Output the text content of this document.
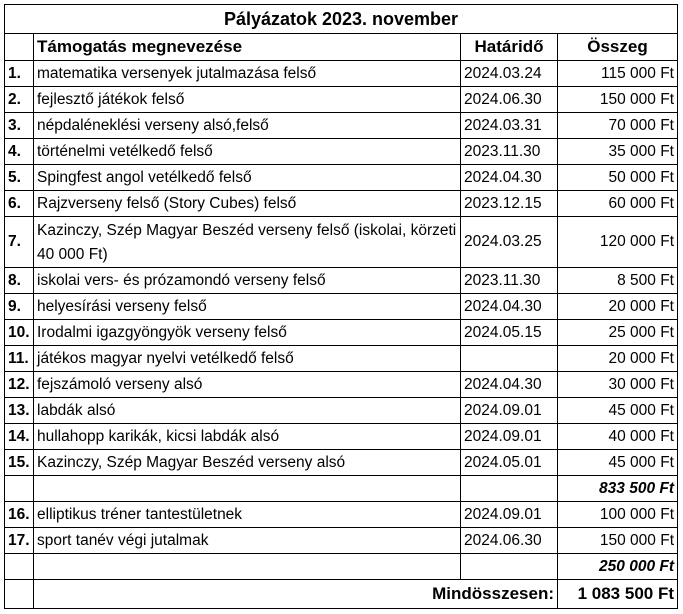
Pályázatok 2023. november			
	Támogatás megnevezése	Határidő	Összeg
1.	matematika versenyek jutalmazása felső	2024.03.24	115 000 Ft
2.	fejlesztő játékok felső	2024.06.30	150 000 Ft
3.	népdaléneklési verseny alsó,felső	2024.03.31	70 000 Ft
4.	történelmi vetélkedő felső	2023.11.30	35 000 Ft
5.	Spingfest angol vetélkedő felső	2024.04.30	50 000 Ft
6.	Rajzverseny felső (Story Cubes) felső	2023.12.15	60 000 Ft
7.	Kazinczy, Szép Magyar Beszéd verseny felső (iskolai, körzeti 40 000 Ft)	2024.03.25	120 000 Ft
8.	iskolai vers- és prózamondó verseny felső	2023.11.30	8 500 Ft
9.	helyesírási verseny felső	2024.04.30	20 000 Ft
10.	Irodalmi igazgyöngyök verseny felső	2024.05.15	25 000 Ft
11.	játékos magyar nyelvi vetélkedő felső		20 000 Ft
12.	fejszámoló verseny alsó	2024.04.30	30 000 Ft
13.	labdák alsó	2024.09.01	45 000 Ft
14.	hullahopp karikák, kicsi labdák alsó	2024.09.01	40 000 Ft
15.	Kazinczy, Szép Magyar Beszéd verseny alsó	2024.05.01	45 000 Ft
			833 500 Ft
16.	elliptikus tréner tantestületnek	2024.09.01	100 000 Ft
17.	sport tanév végi jutalmak	2024.06.30	150 000 Ft
			250 000 Ft
	Mindösszesen:		1 083 500 Ft
